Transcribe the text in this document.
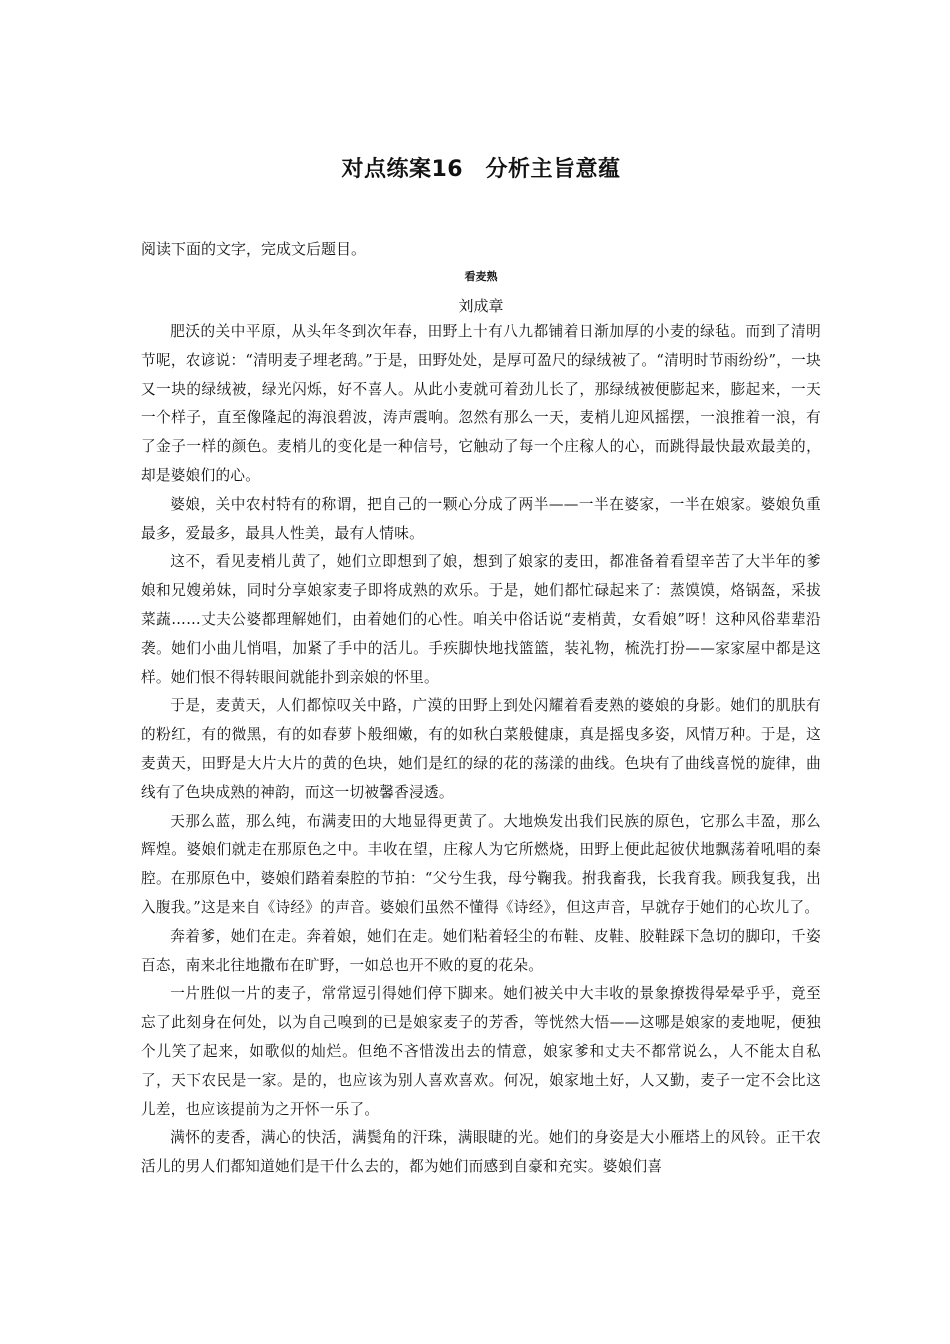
对点练案16　分析主旨意蕴

阅读下面的文字，完成文后题目。

看麦熟

刘成章

肥沃的关中平原，从头年冬到次年春，田野上十有八九都铺着日渐加厚的小麦的绿毡。而到了清明节呢，农谚说：“清明麦子埋老鸹。”于是，田野处处，是厚可盈尺的绿绒被了。“清明时节雨纷纷”，一块又一块的绿绒被，绿光闪烁，好不喜人。从此小麦就可着劲儿长了，那绿绒被便膨起来，膨起来，一天一个样子，直至像隆起的海浪碧波，涛声震响。忽然有那么一天，麦梢儿迎风摇摆，一浪推着一浪，有了金子一样的颜色。麦梢儿的变化是一种信号，它触动了每一个庄稼人的心，而跳得最快最欢最美的，却是婆娘们的心。

婆娘，关中农村特有的称谓，把自己的一颗心分成了两半——一半在婆家，一半在娘家。婆娘负重最多，爱最多，最具人性美，最有人情味。

这不，看见麦梢儿黄了，她们立即想到了娘，想到了娘家的麦田，都准备着看望辛苦了大半年的爹娘和兄嫂弟妹，同时分享娘家麦子即将成熟的欢乐。于是，她们都忙碌起来了：蒸馍馍，烙锅盔，采拔菜蔬……丈夫公婆都理解她们，由着她们的心性。咱关中俗话说“麦梢黄，女看娘”呀！这种风俗辈辈沿袭。她们小曲儿悄唱，加紧了手中的活儿。手疾脚快地找篮篮，装礼物，梳洗打扮——家家屋中都是这样。她们恨不得转眼间就能扑到亲娘的怀里。

于是，麦黄天，人们都惊叹关中路，广漠的田野上到处闪耀着看麦熟的婆娘的身影。她们的肌肤有的粉红，有的微黑，有的如春萝卜般细嫩，有的如秋白菜般健康，真是摇曳多姿，风情万种。于是，这麦黄天，田野是大片大片的黄的色块，她们是红的绿的花的荡漾的曲线。色块有了曲线喜悦的旋律，曲线有了色块成熟的神韵，而这一切被馨香浸透。

天那么蓝，那么纯，布满麦田的大地显得更黄了。大地焕发出我们民族的原色，它那么丰盈，那么辉煌。婆娘们就走在那原色之中。丰收在望，庄稼人为它所燃烧，田野上便此起彼伏地飘荡着吼唱的秦腔。在那原色中，婆娘们踏着秦腔的节拍：“父兮生我，母兮鞠我。拊我畜我，长我育我。顾我复我，出入腹我。”这是来自《诗经》的声音。婆娘们虽然不懂得《诗经》，但这声音，早就存于她们的心坎儿了。

奔着爹，她们在走。奔着娘，她们在走。她们粘着轻尘的布鞋、皮鞋、胶鞋踩下急切的脚印，千姿百态，南来北往地撒布在旷野，一如总也开不败的夏的花朵。

一片胜似一片的麦子，常常逗引得她们停下脚来。她们被关中大丰收的景象撩拨得晕晕乎乎，竟至忘了此刻身在何处，以为自己嗅到的已是娘家麦子的芳香，等恍然大悟——这哪是娘家的麦地呢，便独个儿笑了起来，如歌似的灿烂。但绝不吝惜泼出去的情意，娘家爹和丈夫不都常说么，人不能太自私了，天下农民是一家。是的，也应该为别人喜欢喜欢。何况，娘家地土好，人又勤，麦子一定不会比这儿差，也应该提前为之开怀一乐了。

满怀的麦香，满心的快活，满鬓角的汗珠，满眼睫的光。她们的身姿是大小雁塔上的风铃。正干农活儿的男人们都知道她们是干什么去的，都为她们而感到自豪和充实。婆娘们喜
